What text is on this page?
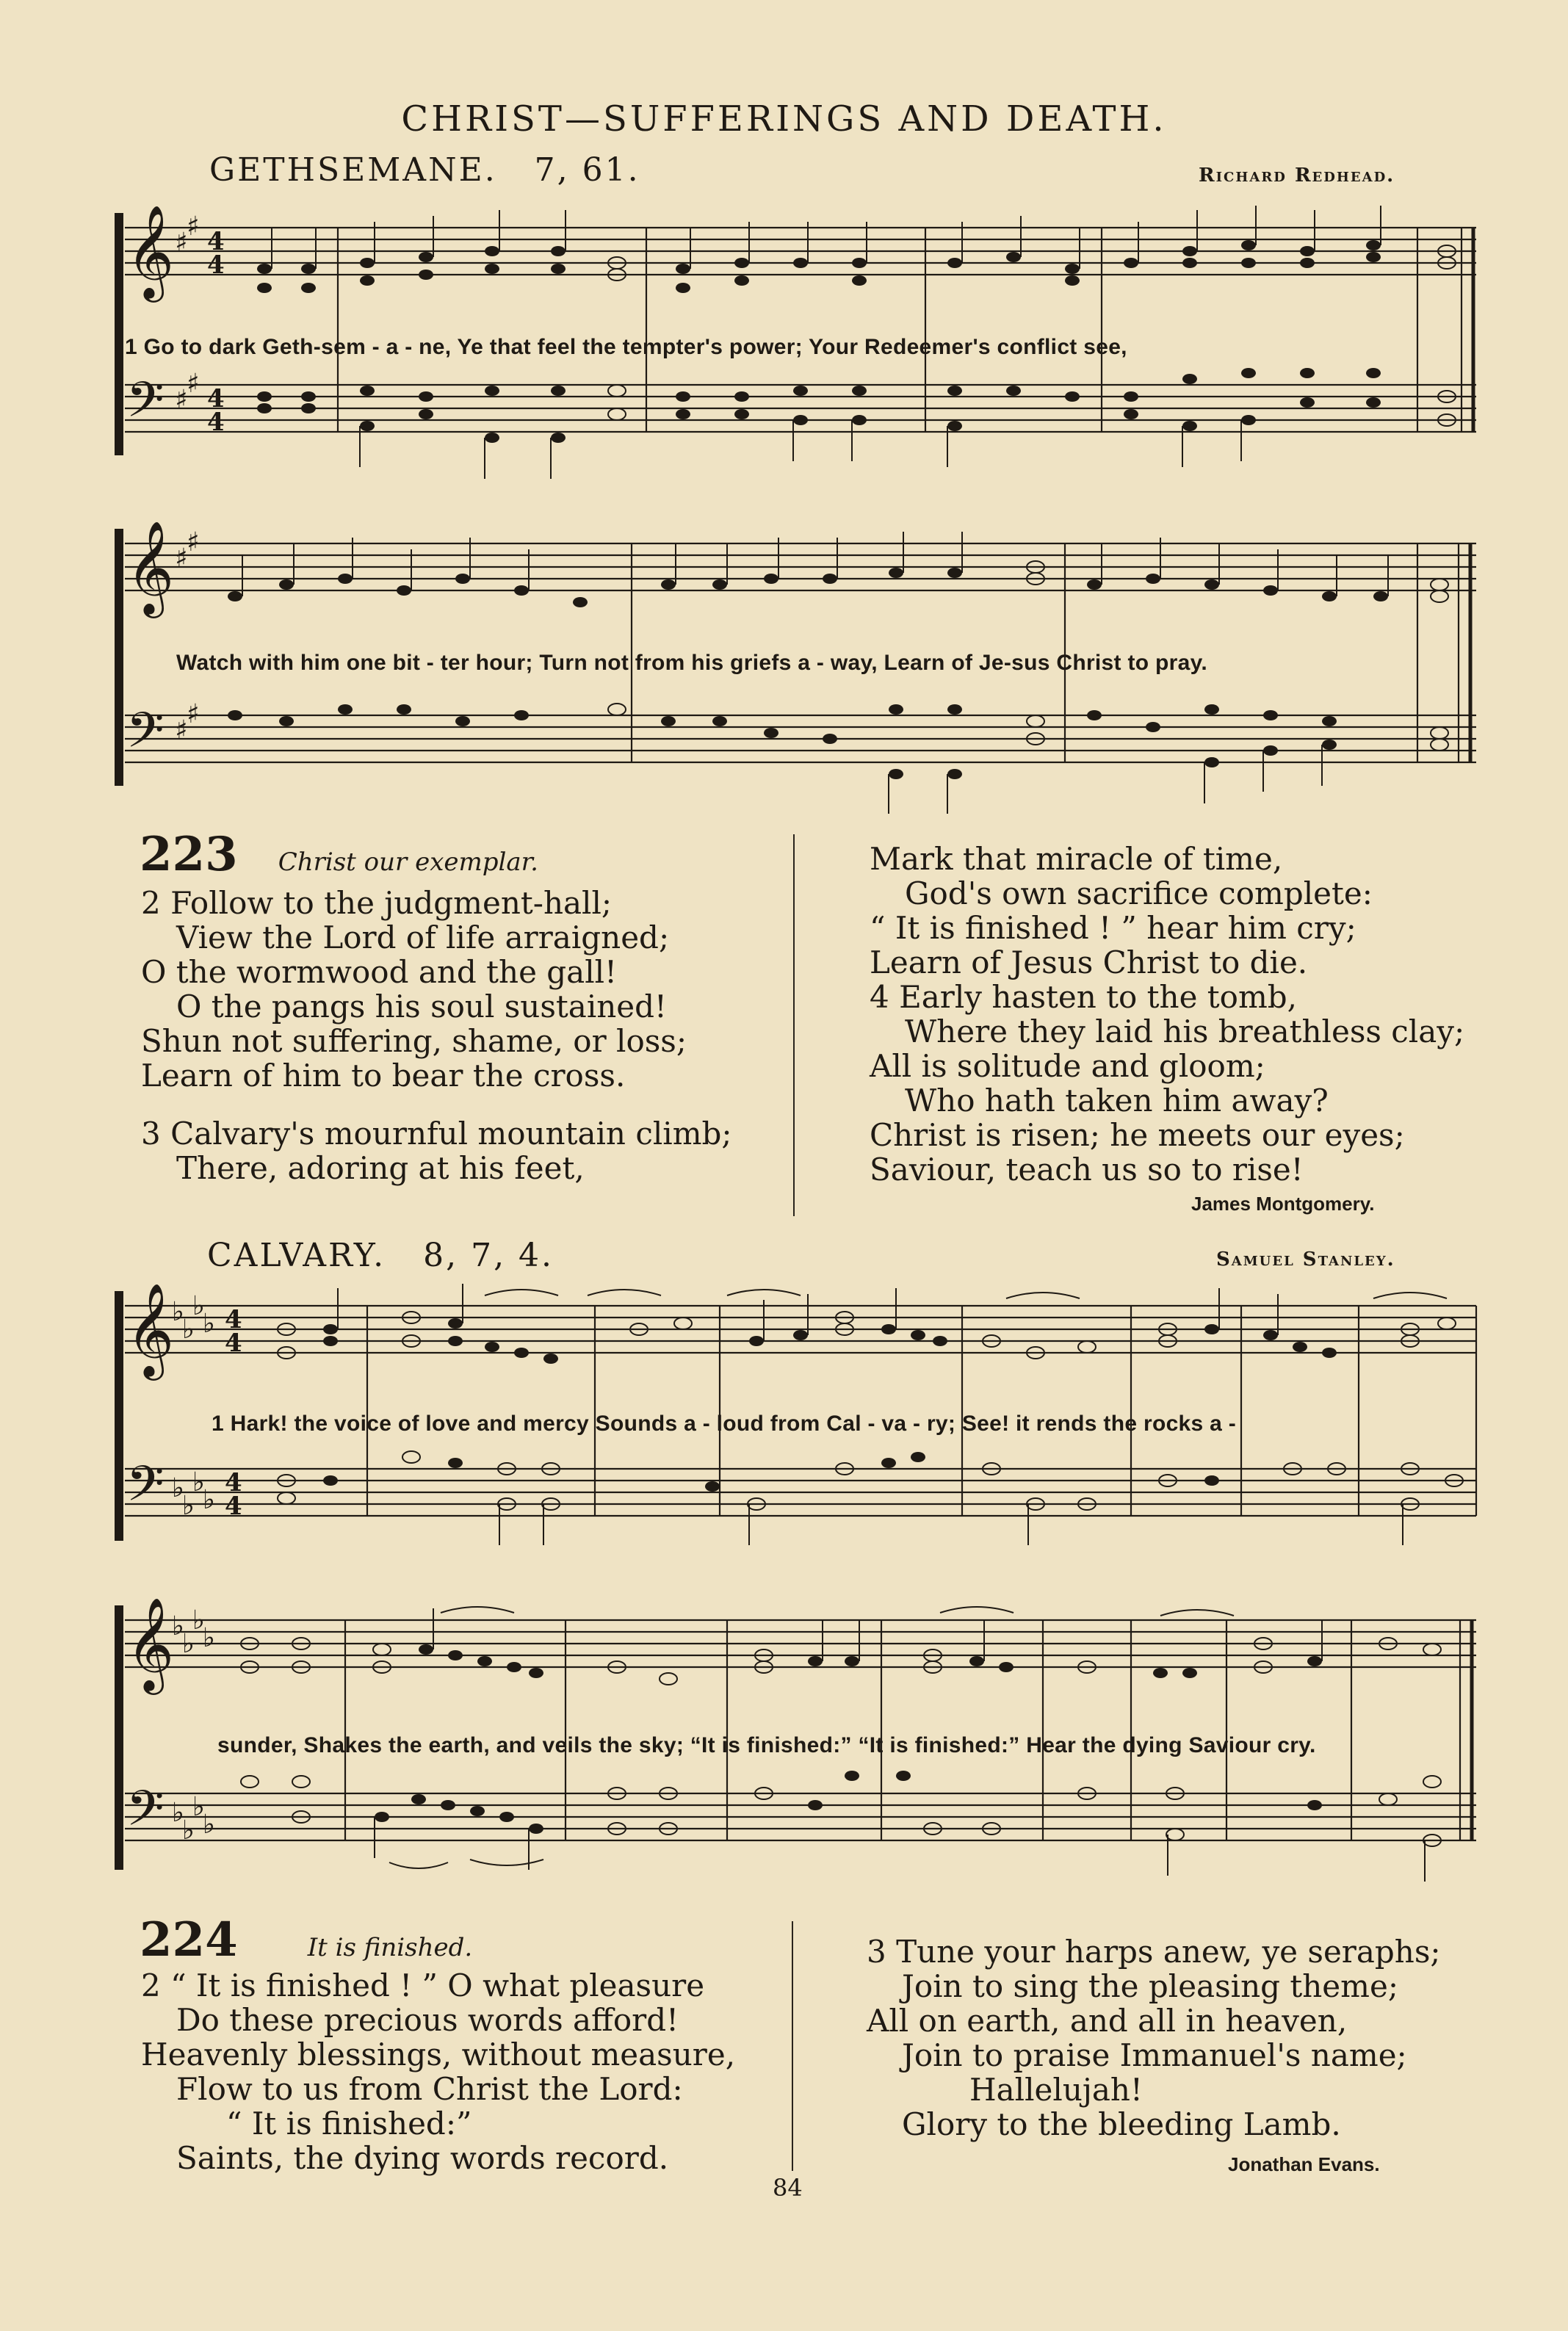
CHRIST—SUFFERINGS AND DEATH.
GETHSEMANE. 7, 61.	Richard Redhead.
𝄞
𝄢
♯
♯
♯
♯
4
4
4
4
1 Go to dark Geth-sem - a - ne, Ye that feel the tempter's power; Your Redeemer's conflict see,
𝄞
𝄢
♯
♯
♯
♯
Watch with him one bit - ter hour; Turn not from his griefs a - way, Learn of Je-sus Christ to pray.
223 Christ our exemplar.
2 Follow to the judgment-hall;
View the Lord of life arraigned;
O the wormwood and the gall!
O the pangs his soul sustained!
Shun not suffering, shame, or loss;
Learn of him to bear the cross.
3 Calvary's mournful mountain climb;
There, adoring at his feet,
Mark that miracle of time,
God's own sacrifice complete:
“ It is finished ! ” hear him cry;
Learn of Jesus Christ to die.
4 Early hasten to the tomb,
Where they laid his breathless clay;
All is solitude and gloom;
Who hath taken him away?
Christ is risen; he meets our eyes;
Saviour, teach us so to rise!
James Montgomery.
CALVARY. 8, 7, 4.	Samuel Stanley.
𝄞
𝄢
♭
♭
♭
♭
♭
♭
♭
♭
4
4
4
4
1 Hark! the voice of love and mercy Sounds a - loud from Cal - va - ry; See! it rends the rocks a -
𝄞
𝄢
♭
♭
♭
♭
♭
♭
♭
♭
sunder, Shakes the earth, and veils the sky; “It is finished:” “It is finished:” Hear the dying Saviour cry.
224	It is finished.
2 “ It is finished ! ” O what pleasure
Do these precious words afford!
Heavenly blessings, without measure,
Flow to us from Christ the Lord:
“ It is finished:”
Saints, the dying words record.
3 Tune your harps anew, ye seraphs;
Join to sing the pleasing theme;
All on earth, and all in heaven,
Join to praise Immanuel's name;
Hallelujah!
Glory to the bleeding Lamb.
Jonathan Evans.
84
